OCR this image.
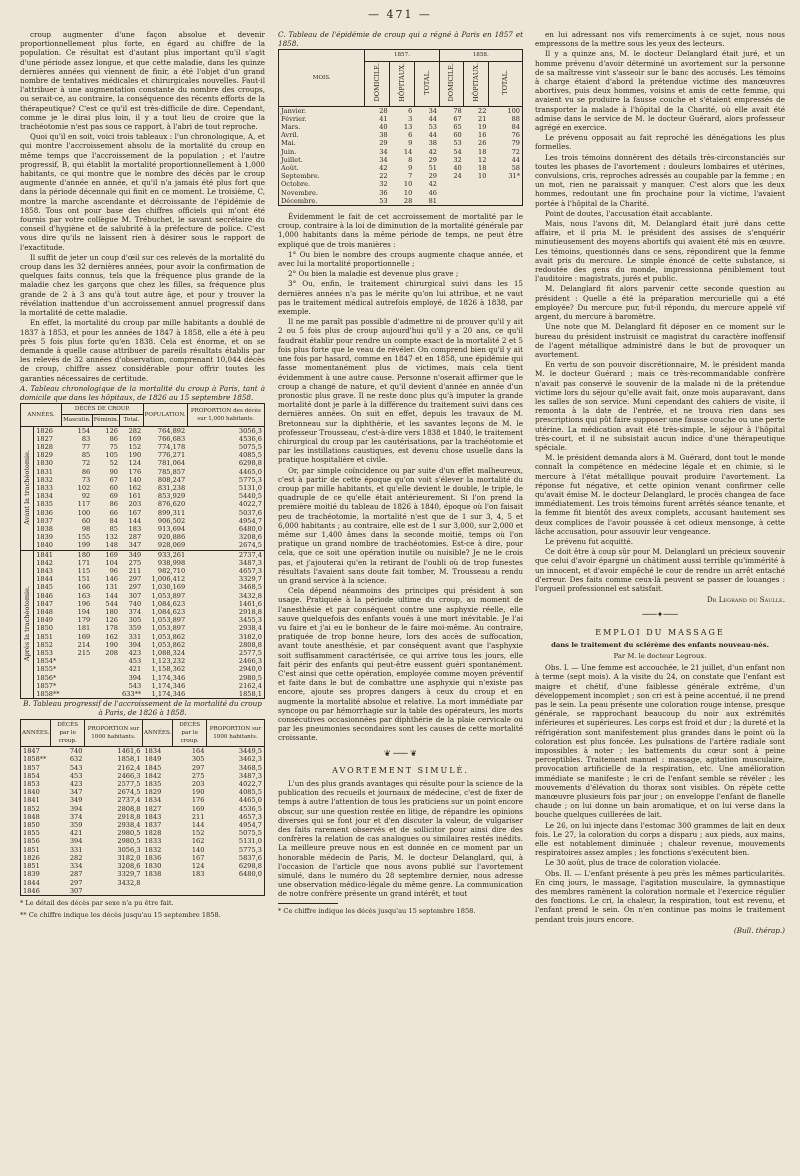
— 471 —

croup augmenter d'une façon absolue et devenir proportionnellement plus forte, en égard au chiffre de la population. Ce résultat est d'autant plus important qu'il s'agit d'une période assez longue, et que cette maladie, dans les quinze dernières années qui viennent de finir, a été l'objet d'un grand nombre de tentatives médicales et chirurgicales nouvelles. Faut-il l'attribuer à une augmentation constante du nombre des croups, ou serait-ce, au contraire, la conséquence des récents efforts de la thérapeutique? C'est ce qu'il est très-difficile de dire. Cependant, comme je le dirai plus loin, il y a tout lieu de croire que la trachéotomie n'est pas sous ce rapport, à l'abri de tout reproche.

Quoi qu'il en soit, voici trois tableaux : l'un chronologique, A, et qui montre l'accroissement absolu de la mortalité du croup en même temps que l'accroissement de la population ; et l'autre progressif, B, qui établit la mortalité proportionnellement à 1,000 habitants, ce qui montre que le nombre des décès par le croup augmente d'année en année, et qu'il n'a jamais été plus fort que dans la période décennale qui finit en ce moment. Le troisième, C, montre la marche ascendante et décroissante de l'épidémie de 1858. Tous ont pour base des chiffres officiels qui m'ont été fournis par votre collègue M. Trébuchet, le savant secrétaire du conseil d'hygiène et de salubrité à la préfecture de police. C'est vous dire qu'ils ne laissent rien à désirer sous le rapport de l'exactitude.

Il suffit de jeter un coup d'œil sur ces relevés de la mortalité du croup dans les 32 dernières années, pour avoir la confirmation de quelques faits connus, tels que la fréquence plus grande de la maladie chez les garçons que chez les filles, sa fréquence plus grande de 2 à 3 ans qu'à tout autre âge, et pour y trouver la révélation inattendue d'un accroissement annuel progressif dans la mortalité de cette maladie.

En effet, la mortalité du croup par mille habitants a doublé de 1837 à 1853, et pour les années de 1847 à 1858, elle a été à peu près 5 fois plus forte qu'en 1838. Cela est énorme, et on se demande à quelle cause attribuer de pareils résultats établis par les relevés de 32 années d'observation, comprenant 10,044 décès de croup, chiffre assez considérable pour offrir toutes les garanties nécessaires de certitude.

A. Tableau chronologique de la mortalité du croup à Paris, tant à domicile que dans les hôpitaux, de 1826 au 15 septembre 1858.

ANNÉES.		DÉCÈS DE CROUP.			POPULATION.	PROPORTION des décès sur 1,000 habitants.
		Masculin.	Féminin.	Total.		
Avant la trachéotomie.	1826	154	126	282	764,892	3056,3
	1827	83	86	169	766,683	4536,6
	1828	77	75	152	774,178	5075,5
	1829	85	105	190	776,271	4085,5
	1830	72	52	124	781,064	6298,8
	1831	86	90	176	785,857	4465,0
	1832	73	67	140	808,247	5775,3
	1833	102	60	162	831,238	5131,0
	1834	92	69	161	853,929	5440,5
	1835	117	86	203	876,620	4022,7
	1836	100	66	167	899,311	5037,6
	1837	60	84	144	906,502	4954,7
	1838	98	85	183	913,694	6480,0
	1839	155	132	287	920,886	3208,6
	1840	199	148	347	928,069	2674,5
Après la trachéotomie.	1841	180	169	349	933,261	2737,4
	1842	171	104	275	938,998	3487,3
	1843	115	96	211	982,710	4657,3
	1844	151	146	297	1,006,412	3329,7
	1845	166	131	297	1,030,169	3468,5
	1846	163	144	307	1,053,897	3432,8
	1847	196	544	740	1,084,623	1461,6
	1848	194	180	374	1,084,623	2918,8
	1849	179	126	305	1,053,897	3455,3
	1850	181	178	359	1,053,897	2938,4
	1851	169	162	331	1,053,862	3182,0
	1852	214	190	394	1,053,862	2808,8
	1853	215	208	423	1,088,324	2577,5
	1854*			453	1,123,232	2466,3
	1855*			421	1,158,362	2940,0
	1856*			394	1,174,346	2980,5
	1857*			543	1,174,346	2162,4
	1858**			633**	1,174,346	1858,1

B. Tableau progressif de l'accroissement de la mortalité du croup à Paris, de 1826 à 1858.

ANNÉES.	DÉCÈS par le croup.	PROPORTION sur 1000 habitants.	ANNÉES.	DÉCÈS par le croup.	PROPORTION sur 1000 habitants.
1847	740	1461,6	1834	164	3449,5
1858**	632	1858,1	1849	305	3462,3
1857	543	2162,4	1845	297	3468,5
1854	453	2466,3	1842	275	3487,3
1853	423	2577,5	1835	203	4022,7
1840	347	2674,5	1829	190	4085,5
1841	349	2737,4	1834	176	4465,0
1852	394	2808,8	1827	169	4536,5
1848	374	2918,8	1843	211	4657,3
1850	359	2938,4	1837	144	4954,7
1855	421	2980,5	1828	152	5075,5
1856	394	2980,5	1833	162	5131,0
1851	331	3056,3	1832	140	5775,3
1826	282	3182,0	1836	167	5837,6
1851	334	3208,6	1830	124	6298,8
1839	287	3329,7	1838	183	6480,0
1844	297	3432,8			
1846	307				
* Le détail des décès par sexe n'a pu être fait.
** Ce chiffre indique les décès jusqu'au 15 septembre 1858.

C. Tableau de l'épidémie de croup qui a régné à Paris en 1857 et 1858.

MOIS.	1857.			1858.		
	DOMICILE.	HÔPITAUX.	TOTAL.	DOMICILE.	HÔPITAUX.	TOTAL.
Janvier.	28	6	34	78	22	100
Février.	41	3	44	67	21	88
Mars.	40	13	53	65	19	84
Avril.	38	6	44	60	16	76
Mai.	29	9	38	53	26	79
Juin.	34	14	42	54	18	72
Juillet.	34	8	29	32	12	44
Août.	42	9	51	40	18	58
Septembre.	22	7	29	24	10	31*
Octobre.	32	10	42			
Novembre.	36	10	46			
Décembre.	53	28	81			

Évidemment le fait de cet accroissement de mortalité par le croup, contraire à la loi de diminution de la mortalité générale par 1,000 habitants dans la même période de temps, ne peut être expliqué que de trois manières :

1° Ou bien le nombre des croups augmente chaque année, et avec lui la mortalité proportionnelle ;

2° Ou bien la maladie est devenue plus grave ;

3° Ou, enfin, le traitement chirurgical suivi dans les 15 dernières années n'a pas le mérite qu'on lui attribue, et ne vaut pas le traitement médical autrefois employé, de 1826 à 1838, par exemple.

Il ne me paraît pas possible d'admettre ni de prouver qu'il y ait 2 ou 5 fois plus de croup aujourd'hui qu'il y a 20 ans, ce qu'il faudrait établir pour rendre un compte exact de la mortalité 2 et 5 fois plus forte que le veau de révéler. On comprend bien qu'il y ait une fois par hasard, comme en 1847 et en 1858, une épidémie qui fasse momentanément plus de victimes, mais cela tient évidemment à une autre cause. Personne n'oserait affirmer que le croup a changé de nature, et qu'il devient d'année en année d'un pronostic plus grave. Il ne reste donc plus qu'à imputer la grande mortalité dont je parle à la différence du traitement suivi dans ces dernières années. On suit en effet, depuis les travaux de M. Bretonneau sur la diphthérie, et les savantes leçons de M. le professeur Trousseau, c'est-à-dire vers 1838 et 1840, le traitement chirurgical du croup par les cautérisations, par la trachéotomie et par les instillations caustiques, est devenu chose usuelle dans la pratique hospitalière et civile.

Or, par simple coïncidence ou par suite d'un effet malheureux, c'est à partir de cette époque qu'on voit s'élever la mortalité du croup par mille habitants, et qu'elle devient le double, le triple, le quadruple de ce qu'elle était antérieurement. Si l'on prend la première moitié du tableau de 1826 à 1840, époque où l'on faisait peu de trachéotomie, la mortalité n'est que de 1 sur 3, 4, 5 et 6,000 habitants ; au contraire, elle est de 1 sur 3,000, sur 2,000 et même sur 1,400 âmes dans la seconde moitié, temps où l'on pratique un grand nombre de trachéotomies. Est-ce à dire, pour cela, que ce soit une opération inutile ou nuisible? Je ne le crois pas, et j'ajouterai qu'en la retirant de l'oubli où de trop funestes résultats l'avaient sans doute fait tomber, M. Trousseau a rendu un grand service à la science.

Cela dépend néanmoins des principes qui président à son usage. Pratiquée à la période ultime du croup, au moment de l'anesthésie et par conséquent contre une asphyxie réelle, elle sauve quelquefois des enfants voués à une mort inévitable. Je l'ai vu faire et j'ai eu le bonheur de le faire moi-même. Au contraire, pratiquée de trop bonne heure, lors des accès de suffocation, avant toute anesthésie, et par conséquent avant que l'asphyxie soit suffisamment caractérisée, ce qui arrive tous les jours, elle fait périr des enfants qui peut-être eussent guéri spontanément. C'est ainsi que cette opération, employée comme moyen préventif et faite dans le but de combattre une asphyxie qui n'existe pas encore, ajoute ses propres dangers à ceux du croup et en augmente la mortalité absolue et relative. La mort immédiate par syncope ou par hémorrhagie sur la table des opérateurs, les morts consécutives occasionnées par diphthérie de la plaie cervicale ou par les pneumonies secondaires sont les causes de cette mortalité croissante.

❦ ─── ❦
AVORTEMENT SIMULÉ.

L'un des plus grands avantages qui résulte pour la science de la publication des recueils et journaux de médecine, c'est de fixer de temps à autre l'attention de tous les praticiens sur un point encore obscur, sur une question restée en litige, de répandre les opinions diverses qui se font jour et d'en discuter la valeur, de vulgariser des faits rarement observés et de sollicitor pour ainsi dire des confrères la relation de cas analogues ou similaires restés inédits. La meilleure preuve nous en est donnée en ce moment par un honorable médecin de Paris, M. le docteur Delanglard, qui, à l'occasion de l'article que nous avons publié sur l'avortement simulé, dans le numéro du 28 septembre dernier, nous adresse une observation médico-légale du même genre. La communication de notre confrère présente un grand intérêt, et tout

* Ce chiffre indique les décès jusqu'au 15 septembre 1858.

en lui adressant nos vifs remerciments à ce sujet, nous nous empressons de la mettre sous les yeux des lecteurs.

Il y a quinze ans, M. le docteur Delanglard était juré, et un homme prévenu d'avoir déterminé un avortement sur la personne de sa maîtresse vint s'asseoir sur le banc des accusés. Les témoins à charge étaient d'abord la prétendue victime des manœuvres abortives, puis deux hommes, voisins et amis de cette femme, qui avaient vu se produire la fausse couche et s'étaient empressés de transporter la malade à l'hôpital de la Charité, où elle avait été admise dans le service de M. le docteur Guérard, alors professeur agrégé en exercice.

Le prévenu opposait au fait reproché les dénégations les plus formelles.

Les trois témoins donnèrent des détails très-circonstanciés sur toutes les phases de l'avortement : douleurs lombaires et utérines, convulsions, cris, reproches adressés au coupable par la femme ; en un mot, rien ne paraissait y manquer. C'est alors que les deux hommes, redoutant une fin prochaine pour la victime, l'avaient portée à l'hôpital de la Charité.

Point de doutes, l'accusation était accablante.

Mais, nous l'avons dit, M. Delanglard était juré dans cette affaire, et il pria M. le président des assises de s'enquérir minutieusement des moyens abortifs qui avaient été mis en œuvre. Les témoins, questionnés dans ce sens, répondirent que la femme avait pris du mercure. Le simple énoncé de cette substance, si redoutée des gens du monde, impressionna péniblement tout l'auditoire : magistrats, jurés et public.

M. Delanglard fit alors parvenir cette seconde question au président : Quelle a été la préparation mercurielle qui a été employée? Du mercure pur, fut-il répondu, du mercure appelé vif argent, du mercure à baromètre.

Une note que M. Delanglard fit déposer en ce moment sur le bureau du président instruisit ce magistrat du caractère inoffensif de l'agent métallique administré dans le but de provoquer un avortement.

En vertu de son pouvoir discrétionnaire, M. le président manda M. le docteur Guérard ; mais ce très-recommandable confrère n'avait pas conservé le souvenir de la malade ni de la prétendue victime lors du séjour qu'elle avait fait, onze mois auparavant, dans les salles de son service. Muni cependant des cahiers de visite, il remonta à la date de l'entrée, et ne trouva rien dans ses prescriptions qui pût faire supposer une fausse couche ou une perte utérine. La médication avait été très-simple, le séjour à l'hôpital très-court, et il ne subsistait aucun indice d'une thérapeutique spéciale.

M. le président demanda alors à M. Guérard, dont tout le monde connaît la compétence en médecine légale et en chimie, si le mercure à l'état métallique pouvait produire l'avortement. La réponse fut négative, et cette opinion venant confirmer celle qu'avait émise M. le docteur Delanglard, le procès changea de face immédiatement. Les trois témoins furent arrêtés séance tenante, et la femme fit bientôt des aveux complets, accusant hautement ses deux complices de l'avoir poussée à cet odieux mensonge, à cette lâche accusation, pour assouvir leur vengeance.

Le prévenu fut acquitté.

Ce doit être à coup sûr pour M. Delanglard un précieux souvenir que celui d'avoir épargné un châtiment aussi terrible qu'immérité à un innocent, et d'avoir empêché le cour de rendre un arrêt entaché d'erreur. Des faits comme ceux-là peuvent se passer de louanges : l'orgueil professionnel est satisfait.

Dr Legrand du Saulle.
───✦───
EMPLOI DU MASSAGE
dans le traitement du sclérème des enfants nouveau-nés.
Par M. le docteur Legroux.

Obs. I. — Une femme est accouchée, le 21 juillet, d'un enfant non à terme (sept mois). A la visite du 24, on constate que l'enfant est maigre et chétif, d'une faiblesse générale extrême, d'un développement incomplet ; son cri est à peine accentué, il ne prend pas le sein. La peau présente une coloration rouge intense, presque générale, se rapprochant beaucoup du noir aux extrémités inférieures et supérieures. Les corps est froid et dur ; la dureté et la réfrigération sont manifestement plus grandes dans le point où la coloration est plus foncée. Les pulsations de l'artère radiale sont impossibles à noter ; les battements du cœur sont à peine perceptibles. Traitement manuel : massage, agitation musculaire, provocation artificielle de la respiration, etc. Une amélioration immédiate se manifeste ; le cri de l'enfant semble se révéler ; les mouvements d'élévation du thorax sont visibles. On répète cette manœuvre plusieurs fois par jour ; on enveloppe l'enfant de flanelle chaude ; on lui donne un bain aromatique, et on lui verse dans la bouche quelques cuillerées de lait.

Le 26, on lui injecte dans l'estomac 300 grammes de lait en deux fois. Le 27, la coloration du corps a disparu ; aux pieds, aux mains, elle est notablement diminuée ; chaleur revenue, mouvements respiratoires assez amples ; les fonctions s'exécutent bien.

Le 30 août, plus de trace de coloration violacée.

Obs. II. — L'enfant présente à peu près les mêmes particularités. En cinq jours, le massage, l'agitation musculaire, la gymnastique des membres ramènent la coloration normale et l'exercice régulier des fonctions. Le cri, la chaleur, la respiration, tout est revenu, et l'enfant prend le sein. On n'en continue pas moins le traitement pendant trois jours encore.

(Bull. thérap.)
